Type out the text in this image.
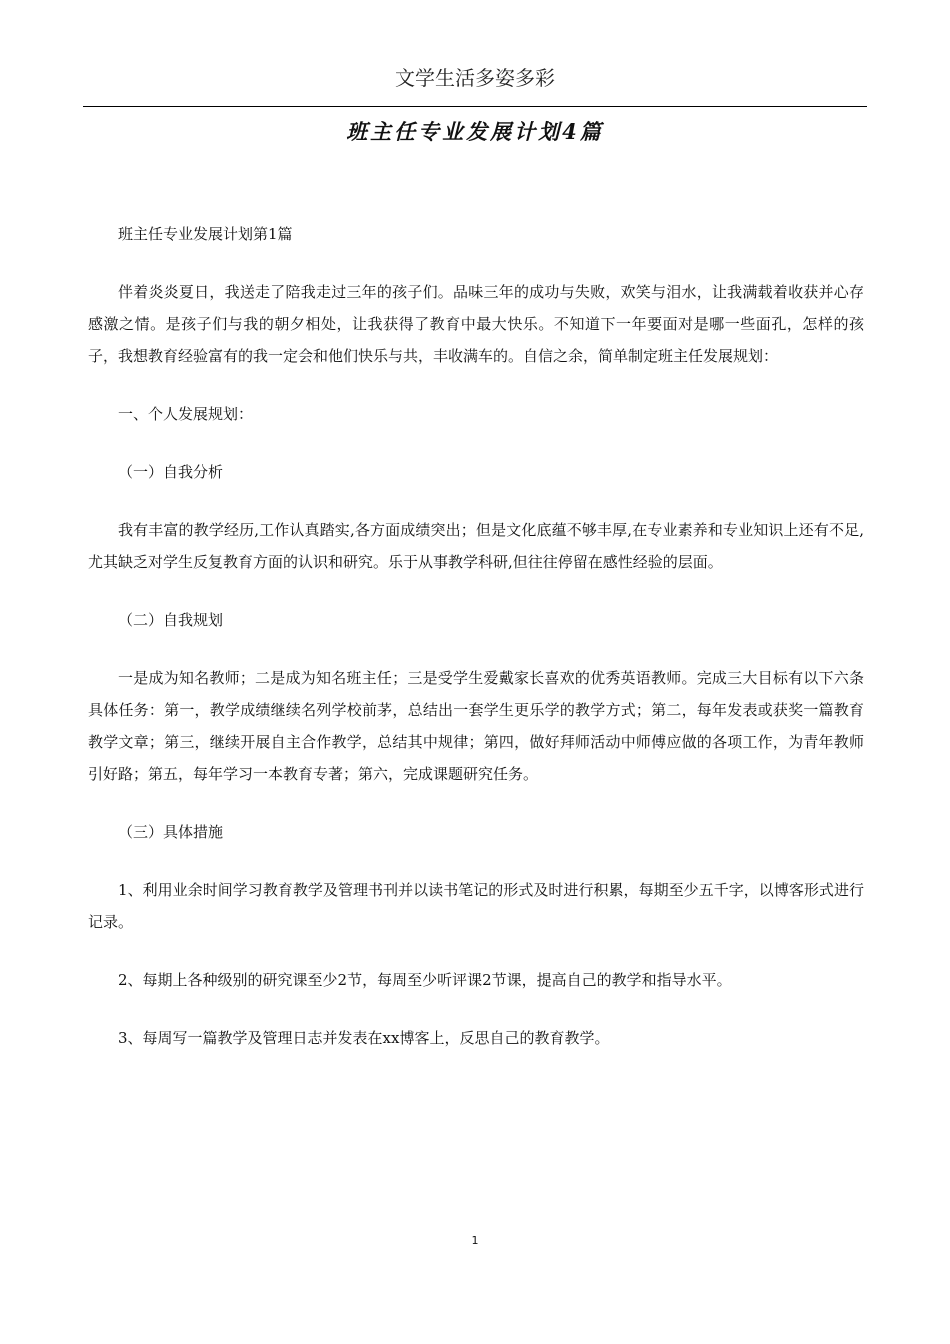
文学生活多姿多彩
班主任专业发展计划4篇

班主任专业发展计划第1篇

伴着炎炎夏日，我送走了陪我走过三年的孩子们。品味三年的成功与失败，欢笑与泪水，让我满载着收获并心存感激之情。是孩子们与我的朝夕相处，让我获得了教育中最大快乐。不知道下一年要面对是哪一些面孔，怎样的孩子，我想教育经验富有的我一定会和他们快乐与共，丰收满车的。自信之余，简单制定班主任发展规划：

一、个人发展规划：

（一）自我分析

我有丰富的教学经历,工作认真踏实,各方面成绩突出；但是文化底蕴不够丰厚,在专业素养和专业知识上还有不足,尤其缺乏对学生反复教育方面的认识和研究。乐于从事教学科研,但往往停留在感性经验的层面。

（二）自我规划

一是成为知名教师；二是成为知名班主任；三是受学生爱戴家长喜欢的优秀英语教师。完成三大目标有以下六条具体任务：第一，教学成绩继续名列学校前茅，总结出一套学生更乐学的教学方式；第二，每年发表或获奖一篇教育教学文章；第三，继续开展自主合作教学，总结其中规律；第四，做好拜师活动中师傅应做的各项工作，为青年教师引好路；第五，每年学习一本教育专著；第六，完成课题研究任务。

（三）具体措施

1、利用业余时间学习教育教学及管理书刊并以读书笔记的形式及时进行积累，每期至少五千字，以博客形式进行记录。

2、每期上各种级别的研究课至少2节，每周至少听评课2节课，提高自己的教学和指导水平。

3、每周写一篇教学及管理日志并发表在xx博客上，反思自己的教育教学。

1
